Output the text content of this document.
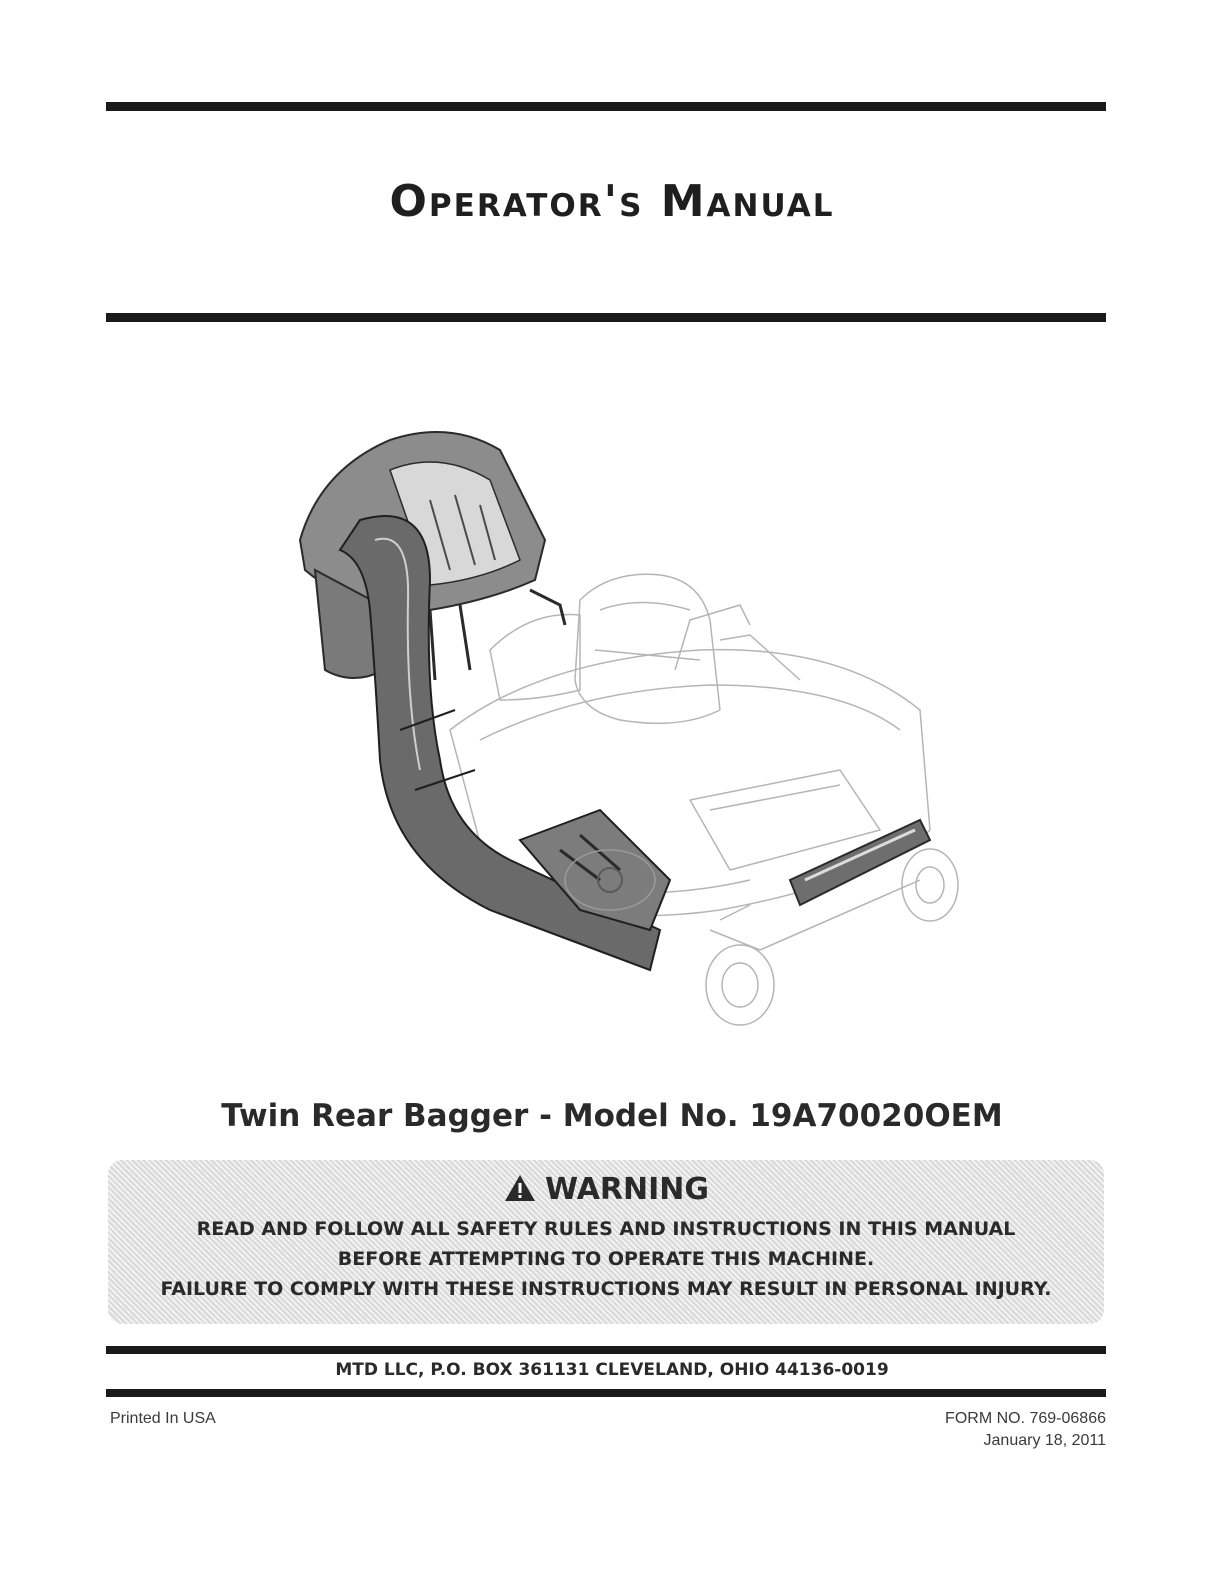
Operator's Manual
Twin Rear Bagger - Model No. 19A70020OEM
WARNING
READ AND FOLLOW ALL SAFETY RULES AND INSTRUCTIONS IN THIS MANUAL
BEFORE ATTEMPTING TO OPERATE THIS MACHINE.
FAILURE TO COMPLY WITH THESE INSTRUCTIONS MAY RESULT IN PERSONAL INJURY.
MTD LLC, P.O. BOX 361131 CLEVELAND, OHIO 44136-0019
Printed In USA	FORM NO. 769-06866
January 18, 2011
